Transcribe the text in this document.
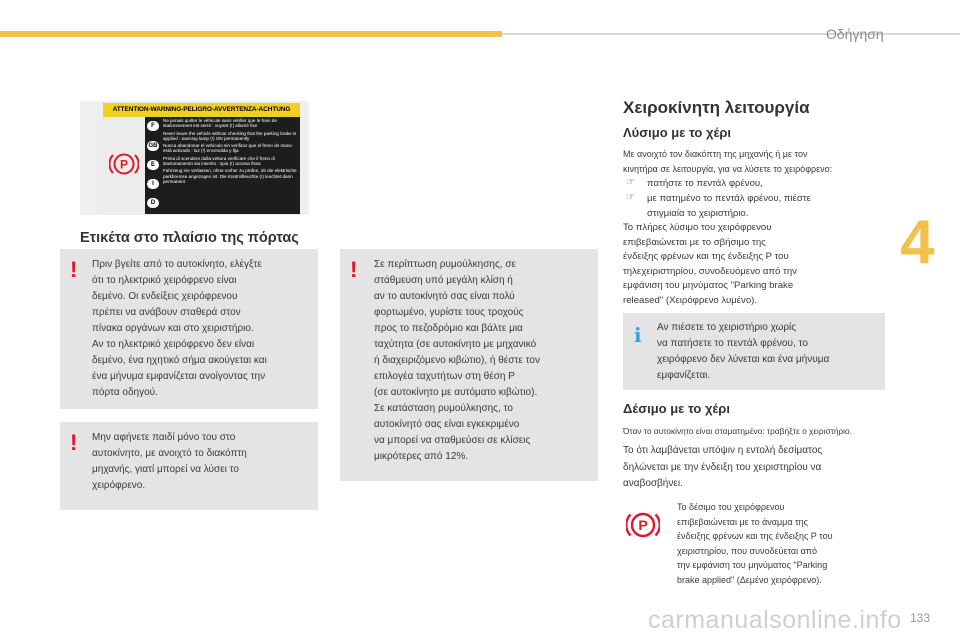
Οδήγηση
4
133
carmanualsonline.info
ATTENTION-WARNING-PELIGRO-AVVERTENZA-ACHTUNG
P
F
GB
E
I
D

Ne jamais quitter le véhicule sans vérifier que le frein de stationnement est serré : voyant (!) allumé fixe

Never leave the vehicle without checking that the parking brake is applied : warning lamp (!) ON permanently

Nunca abandonar el vehículo sin verificar que el freno de mano está activado : luz (!) encendida y fija

Prima di scendere dalla vettura verificare che il freno di stazionamento sia inserito : spia (!) accesa fissa

Fahrzeug nie verlassen, ohne vorher zu prüfen, ob die elektrische parkbremse angezogen ist. Die Kontrollleuchte (!) leuchtet dann permanent

Ετικέτα στο πλαίσιο της πόρτας
! Πριν βγείτε από το αυτοκίνητο, ελέγξτε
ότι το ηλεκτρικό χειρόφρενο είναι
δεμένο. Οι ενδείξεις χειρόφρενου
πρέπει να ανάβουν σταθερά στον
πίνακα οργάνων και στο χειριστήριο.
Αν το ηλεκτρικό χειρόφρενο δεν είναι
δεμένο, ένα ηχητικό σήμα ακούγεται και
ένα μήνυμα εμφανίζεται ανοίγοντας την
πόρτα οδηγού.
! Μην αφήνετε παιδί μόνο του στο
αυτοκίνητο, με ανοιχτό το διακόπτη
μηχανής, γιατί μπορεί να λύσει το
χειρόφρενο.
! Σε περίπτωση ρυμούλκησης, σε
στάθμευση υπό μεγάλη κλίση ή
αν το αυτοκίνητό σας είναι πολύ
φορτωμένο, γυρίστε τους τροχούς
προς το πεζοδρόμιο και βάλτε μια
ταχύτητα (σε αυτοκίνητο με μηχανικό
ή διαχειριζόμενο κιβώτιο), ή θέστε τον
επιλογέα ταχυτήτων στη θέση P
(σε αυτοκίνητο με αυτόματο κιβώτιο).
Σε κατάσταση ρυμούλκησης, το
αυτοκίνητό σας είναι εγκεκριμένο
να μπορεί να σταθμεύσει σε κλίσεις
μικρότερες από 12%.
Χειροκίνητη λειτουργία
Λύσιμο με το χέρι
Με ανοιχτό τον διακόπτη της μηχανής ή με τον
κινητήρα σε λειτουργία, για να λύσετε το χειρόφρενο:
☞ πατήστε το πεντάλ φρένου,
☞ με πατημένο το πεντάλ φρένου, πιέστε
στιγμιαία το χειριστήριο.
Το πλήρες λύσιμο του χειρόφρενου
επιβεβαιώνεται με το σβήσιμο της
ένδειξης φρένων και της ένδειξης P του
τηλεχειριστηρίου, συνοδευόμενο από την
εμφάνιση του μηνύματος "Parking brake
released" (Χειρόφρενο λυμένο).
i Αν πιέσετε το χειριστήριο χωρίς
να πατήσετε το πεντάλ φρένου, το
χειρόφρενο δεν λύνεται και ένα μήνυμα
εμφανίζεται.
Δέσιμο με το χέρι
Όταν το αυτοκίνητο είναι σταματημένο: τραβήξτε ο χειριστήριο.
Το ότι λαμβάνεται υπόψιν η εντολή δεσίματος
δηλώνεται με την ένδειξη του χειριστηρίου να
αναβοσβήνει.
P
Το δέσιμο του χειρόφρενου
επιβεβαιώνεται με το άναμμα της
ένδειξης φρένων και της ένδειξης P του
χειριστηρίου, που συνοδεύεται από
την εμφάνιση του μηνύματος "Parking
brake applied" (Δεμένο χειρόφρενο).
